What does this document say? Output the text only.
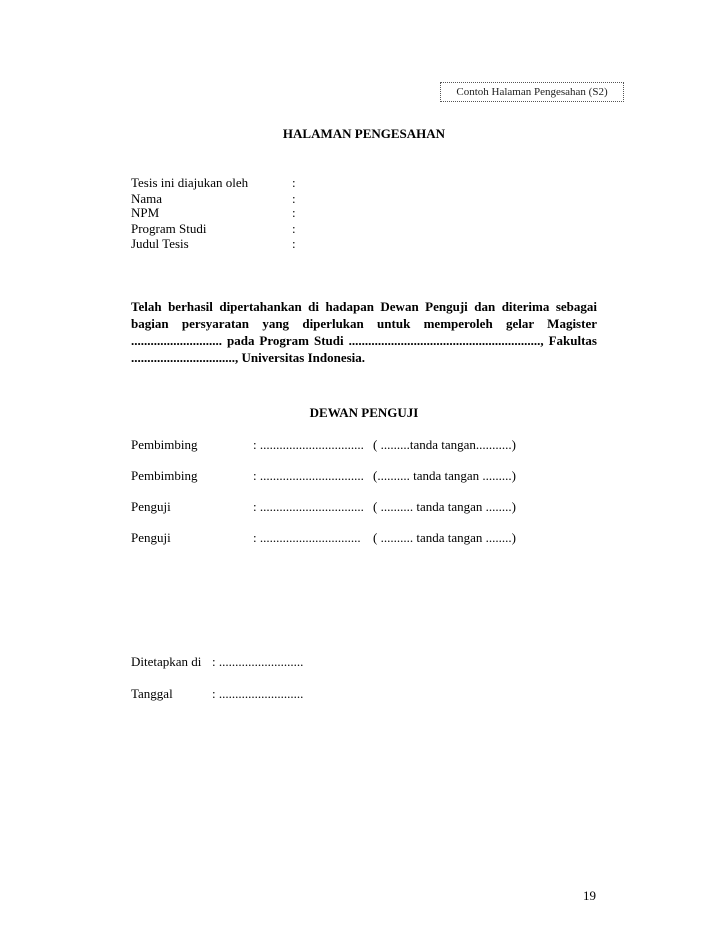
Contoh Halaman Pengesahan (S2)
HALAMAN PENGESAHAN
Tesis ini diajukan oleh	:
Nama	:
NPM	:
Program Studi	:
Judul Tesis	:
Telah berhasil dipertahankan di hadapan Dewan Penguji dan diterima sebagai bagian persyaratan yang diperlukan untuk memperoleh gelar Magister ............................ pada Program Studi ..........................................................., Fakultas ................................, Universitas Indonesia.
DEWAN PENGUJI
Pembimbing	: ................................ ( .........tanda tangan...........)
Pembimbing	: ................................ (.......... tanda tangan .........)
Penguji	: ................................ ( .......... tanda tangan ........)
Penguji	: ............................... ( .......... tanda tangan ........)
Ditetapkan di : ..........................
Tanggal	: ..........................
19
